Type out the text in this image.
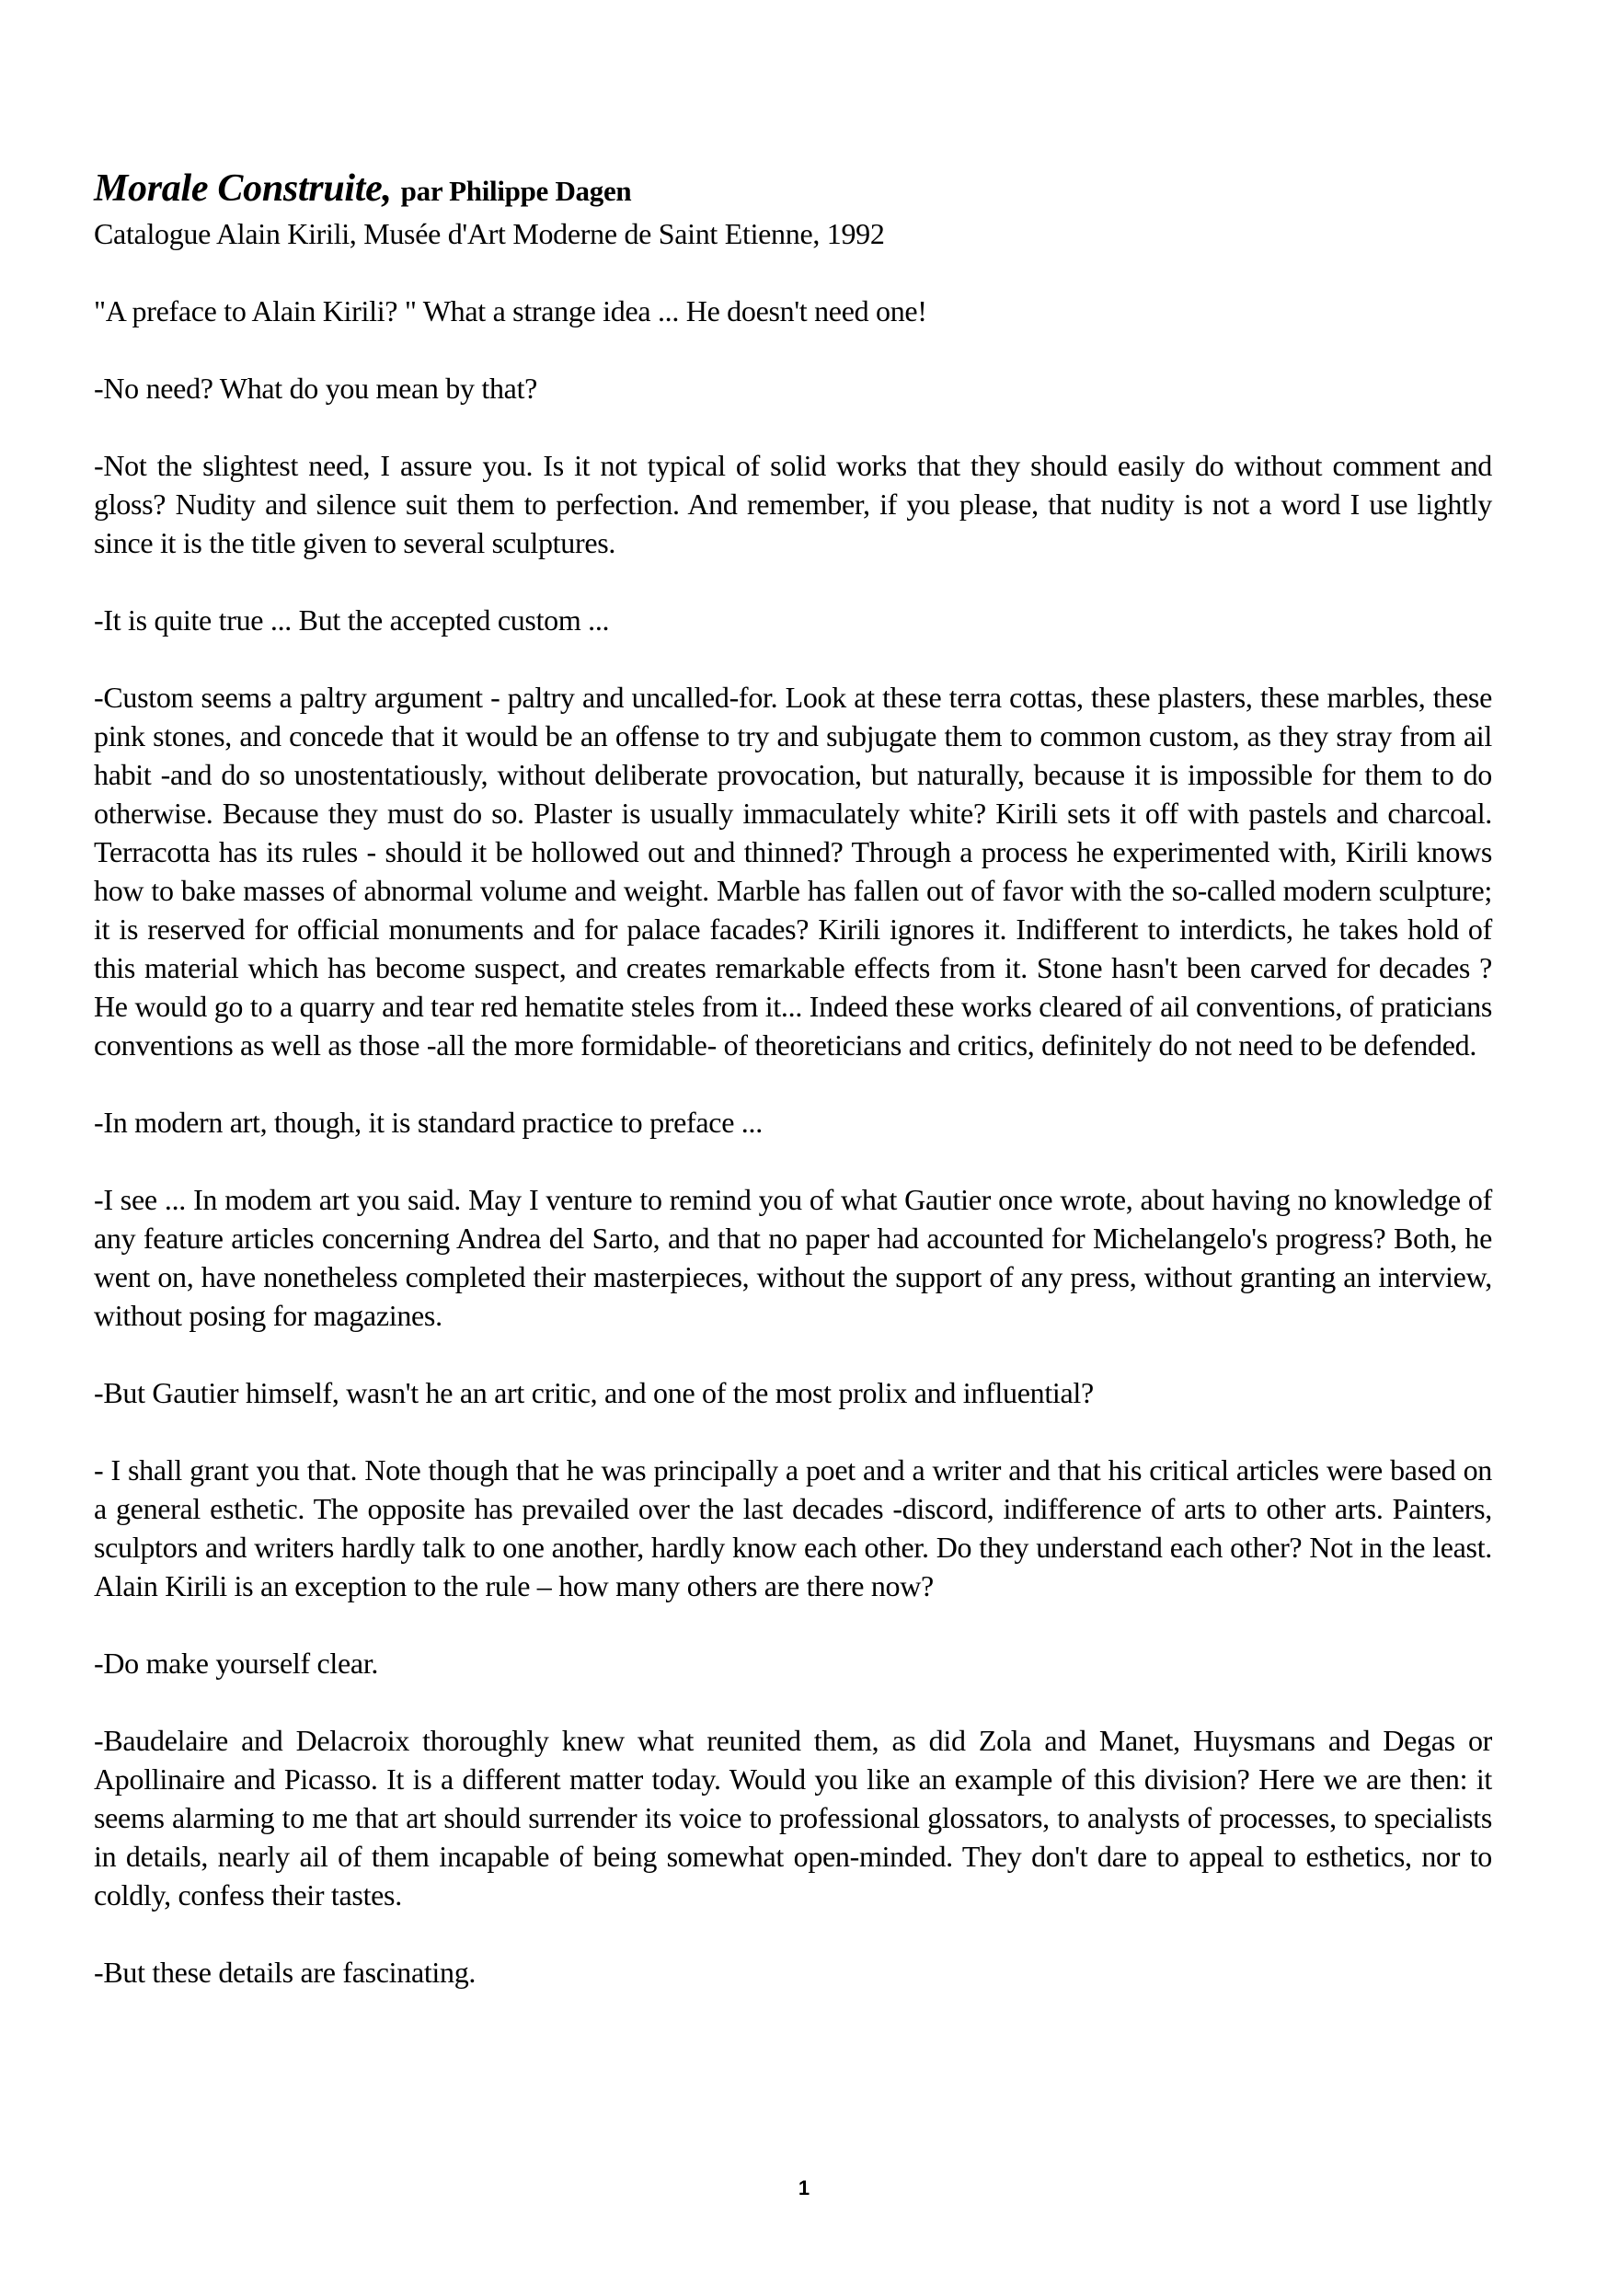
Morale Construite, par Philippe Dagen

Catalogue Alain Kirili, Musée d'Art Moderne de Saint Etienne, 1992

"A preface to Alain Kirili? " What a strange idea ... He doesn't need one!

-No need? What do you mean by that?

-Not the slightest need, I assure you. Is it not typical of solid works that they should easily do without comment and gloss? Nudity and silence suit them to perfection. And remember, if you please, that nudity is not a word I use lightly since it is the title given to several sculptures.

-It is quite true ... But the accepted custom ...

-Custom seems a paltry argument - paltry and uncalled-for. Look at these terra cottas, these plasters, these marbles, these pink stones, and concede that it would be an offense to try and subjugate them to common custom, as they stray from ail habit -and do so unostentatiously, without deliberate provocation, but naturally, because it is impossible for them to do otherwise. Because they must do so. Plaster is usually immaculately white? Kirili sets it off with pastels and charcoal. Terracotta has its rules - should it be hollowed out and thinned? Through a process he experimented with, Kirili knows how to bake masses of abnormal volume and weight. Marble has fallen out of favor with the so-called modern sculpture; it is reserved for official monuments and for palace facades? Kirili ignores it. Indifferent to interdicts, he takes hold of this material which has become suspect, and creates remarkable effects from it. Stone hasn't been carved for decades ? He would go to a quarry and tear red hematite steles from it... Indeed these works cleared of ail conventions, of praticians conventions as well as those -all the more formidable- of theoreticians and critics, definitely do not need to be defended.

-In modern art, though, it is standard practice to preface ...

-I see ... In modem art you said. May I venture to remind you of what Gautier once wrote, about having no knowledge of any feature articles concerning Andrea del Sarto, and that no paper had accounted for Michelangelo's progress? Both, he went on, have nonetheless completed their masterpieces, without the support of any press, without granting an interview, without posing for magazines.

-But Gautier himself, wasn't he an art critic, and one of the most prolix and influential?

- I shall grant you that. Note though that he was principally a poet and a writer and that his critical articles were based on a general esthetic. The opposite has prevailed over the last decades -discord, indifference of arts to other arts. Painters, sculptors and writers hardly talk to one another, hardly know each other. Do they understand each other? Not in the least. Alain Kirili is an exception to the rule – how many others are there now?

-Do make yourself clear.

-Baudelaire and Delacroix thoroughly knew what reunited them, as did Zola and Manet, Huysmans and Degas or Apollinaire and Picasso. It is a different matter today. Would you like an example of this division? Here we are then: it seems alarming to me that art should surrender its voice to professional glossators, to analysts of processes, to specialists in details, nearly ail of them incapable of being somewhat open-minded. They don't dare to appeal to esthetics, nor to coldly, confess their tastes.

-But these details are fascinating.

1
